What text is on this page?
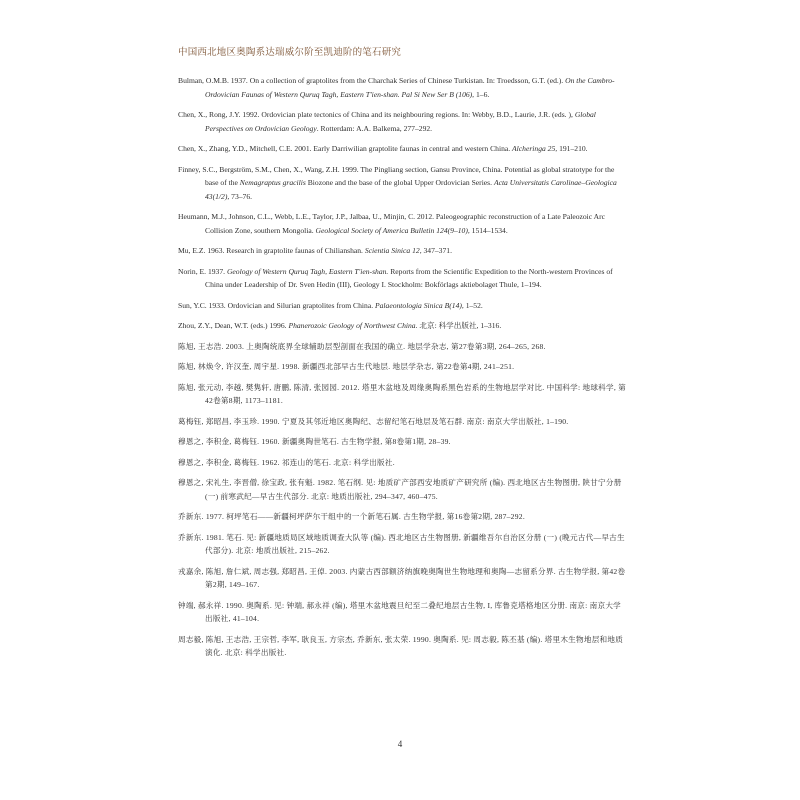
中国西北地区奥陶系达瑞威尔阶至凯迪阶的笔石研究
Bulman, O.M.B. 1937. On a collection of graptolites from the Charchak Series of Chinese Turkistan. In: Troedsson, G.T. (ed.). On the Cambro-Ordovician Faunas of Western Quruq Tagh, Eastern T'ien-shan. Pal Si New Ser B (106), 1–6.
Chen, X., Rong, J.Y. 1992. Ordovician plate tectonics of China and its neighbouring regions. In: Webby, B.D., Laurie, J.R. (eds. ), Global Perspectives on Ordovician Geology. Rotterdam: A.A. Balkema, 277–292.
Chen, X., Zhang, Y.D., Mitchell, C.E. 2001. Early Darriwilian graptolite faunas in central and western China. Alcheringa 25, 191–210.
Finney, S.C., Bergström, S.M., Chen, X., Wang, Z.H. 1999. The Pingliang section, Gansu Province, China. Potential as global stratotype for the base of the Nemagraptus gracilis Biozone and the base of the global Upper Ordovician Series. Acta Universitatis Carolinae–Geologica 43(1/2), 73–76.
Heumann, M.J., Johnson, C.L., Webb, L.E., Taylor, J.P., Jalbaa, U., Minjin, C. 2012. Paleogeographic reconstruction of a Late Paleozoic Arc Collision Zone, southern Mongolia. Geological Society of America Bulletin 124(9–10), 1514–1534.
Mu, E.Z. 1963. Research in graptolite faunas of Chilianshan. Scientia Sinica 12, 347–371.
Norin, E. 1937. Geology of Western Quruq Tagh, Eastern T'ien-shan. Reports from the Scientific Expedition to the North-western Provinces of China under Leadership of Dr. Sven Hedin (III), Geology I. Stockholm: Bokförlags aktiebolaget Thule, 1–194.
Sun, Y.C. 1933. Ordovician and Silurian graptolites from China. Palaeontologia Sinica B(14), 1–52.
Zhou, Z.Y., Dean, W.T. (eds.) 1996. Phanerozoic Geology of Northwest China. 北京: 科学出版社, 1–316.
陈旭, 王志浩. 2003. 上奥陶统底界全球辅助层型剖面在我国的确立. 地层学杂志, 第27卷第3期, 264–265, 268.
陈旭, 林焕令, 许汉奎, 周宇星. 1998. 新疆西北部早古生代地层. 地层学杂志, 第22卷第4期, 241–251.
陈旭, 张元动, 李越, 樊隽轩, 唐鹏, 陈清, 张园园. 2012. 塔里木盆地及周缘奥陶系黑色岩系的生物地层学对比. 中国科学: 地球科学, 第42卷第8期, 1173–1181.
葛梅钰, 郑昭昌, 李玉珍. 1990. 宁夏及其邻近地区奥陶纪、志留纪笔石地层及笔石群. 南京: 南京大学出版社, 1–190.
穆恩之, 李积金, 葛梅钰. 1960. 新疆奥陶世笔石. 古生物学报, 第8卷第1期, 28–39.
穆恩之, 李积金, 葛梅钰. 1962. 祁连山的笔石. 北京: 科学出版社.
穆恩之, 宋礼生, 李晋僧, 徐宝政, 张有魁. 1982. 笔石纲. 见: 地质矿产部西安地质矿产研究所 (编). 西北地区古生物图册, 陕甘宁分册 (一) 前寒武纪—早古生代部分. 北京: 地质出版社, 294–347, 460–475.
乔新东. 1977. 柯坪笔石——新疆柯坪萨尔干组中的一个新笔石属. 古生物学报, 第16卷第2期, 287–292.
乔新东. 1981. 笔石. 见: 新疆地质局区域地质调查大队等 (编). 西北地区古生物图册, 新疆维吾尔自治区分册 (一) (晚元古代—早古生代部分). 北京: 地质出版社, 215–262.
戎嘉余, 陈旭, 詹仁斌, 周志强, 郑昭昌, 王倬. 2003. 内蒙古西部额济纳旗晚奥陶世生物地理和奥陶—志留系分界. 古生物学报, 第42卷第2期, 149–167.
钟端, 郝永祥. 1990. 奥陶系. 见: 钟端, 郝永祥 (编), 塔里木盆地震旦纪至二叠纪地层古生物, I, 库鲁克塔格地区分册. 南京: 南京大学出版社, 41–104.
周志毅, 陈旭, 王志浩, 王宗哲, 李军, 耿良玉, 方宗杰, 乔新东, 张太荣. 1990. 奥陶系. 见: 周志毅, 陈丕基 (编). 塔里木生物地层和地质演化. 北京: 科学出版社.
4
